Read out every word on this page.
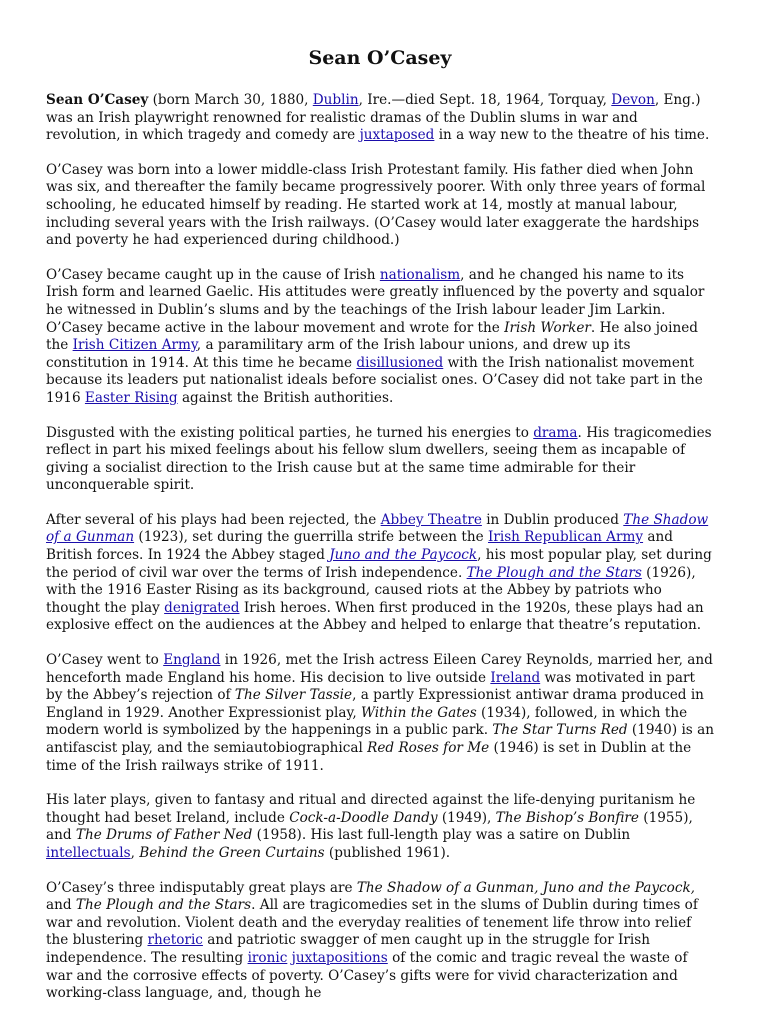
Sean O’Casey

Sean O’Casey (born March 30, 1880, Dublin, Ire.—died Sept. 18, 1964, Torquay, Devon, Eng.) was an Irish playwright renowned for realistic dramas of the Dublin slums in war and revolution, in which tragedy and comedy are juxtaposed in a way new to the theatre of his time.

O’Casey was born into a lower middle-class Irish Protestant family. His father died when John was six, and thereafter the family became progressively poorer. With only three years of formal schooling, he educated himself by reading. He started work at 14, mostly at manual labour, including several years with the Irish railways. (O’Casey would later exaggerate the hardships and poverty he had experienced during childhood.)

O’Casey became caught up in the cause of Irish nationalism, and he changed his name to its Irish form and learned Gaelic. His attitudes were greatly influenced by the poverty and squalor he witnessed in Dublin’s slums and by the teachings of the Irish labour leader Jim Larkin. O’Casey became active in the labour movement and wrote for the Irish Worker. He also joined the Irish Citizen Army, a paramilitary arm of the Irish labour unions, and drew up its constitution in 1914. At this time he became disillusioned with the Irish nationalist movement because its leaders put nationalist ideals before socialist ones. O’Casey did not take part in the 1916 Easter Rising against the British authorities.

Disgusted with the existing political parties, he turned his energies to drama. His tragicomedies reflect in part his mixed feelings about his fellow slum dwellers, seeing them as incapable of giving a socialist direction to the Irish cause but at the same time admirable for their unconquerable spirit.

After several of his plays had been rejected, the Abbey Theatre in Dublin produced The Shadow of a Gunman (1923), set during the guerrilla strife between the Irish Republican Army and British forces. In 1924 the Abbey staged Juno and the Paycock, his most popular play, set during the period of civil war over the terms of Irish independence. The Plough and the Stars (1926), with the 1916 Easter Rising as its background, caused riots at the Abbey by patriots who thought the play denigrated Irish heroes. When first produced in the 1920s, these plays had an explosive effect on the audiences at the Abbey and helped to enlarge that theatre’s reputation.

O’Casey went to England in 1926, met the Irish actress Eileen Carey Reynolds, married her, and henceforth made England his home. His decision to live outside Ireland was motivated in part by the Abbey’s rejection of The Silver Tassie, a partly Expressionist antiwar drama produced in England in 1929. Another Expressionist play, Within the Gates (1934), followed, in which the modern world is symbolized by the happenings in a public park. The Star Turns Red (1940) is an antifascist play, and the semiautobiographical Red Roses for Me (1946) is set in Dublin at the time of the Irish railways strike of 1911.

His later plays, given to fantasy and ritual and directed against the life-denying puritanism he thought had beset Ireland, include Cock-a-Doodle Dandy (1949), The Bishop’s Bonfire (1955), and The Drums of Father Ned (1958). His last full-length play was a satire on Dublin intellectuals, Behind the Green Curtains (published 1961).

O’Casey’s three indisputably great plays are The Shadow of a Gunman, Juno and the Paycock, and The Plough and the Stars. All are tragicomedies set in the slums of Dublin during times of war and revolution. Violent death and the everyday realities of tenement life throw into relief the blustering rhetoric and patriotic swagger of men caught up in the struggle for Irish independence. The resulting ironic juxtapositions of the comic and tragic reveal the waste of war and the corrosive effects of poverty. O’Casey’s gifts were for vivid characterization and working-class language, and, though he
